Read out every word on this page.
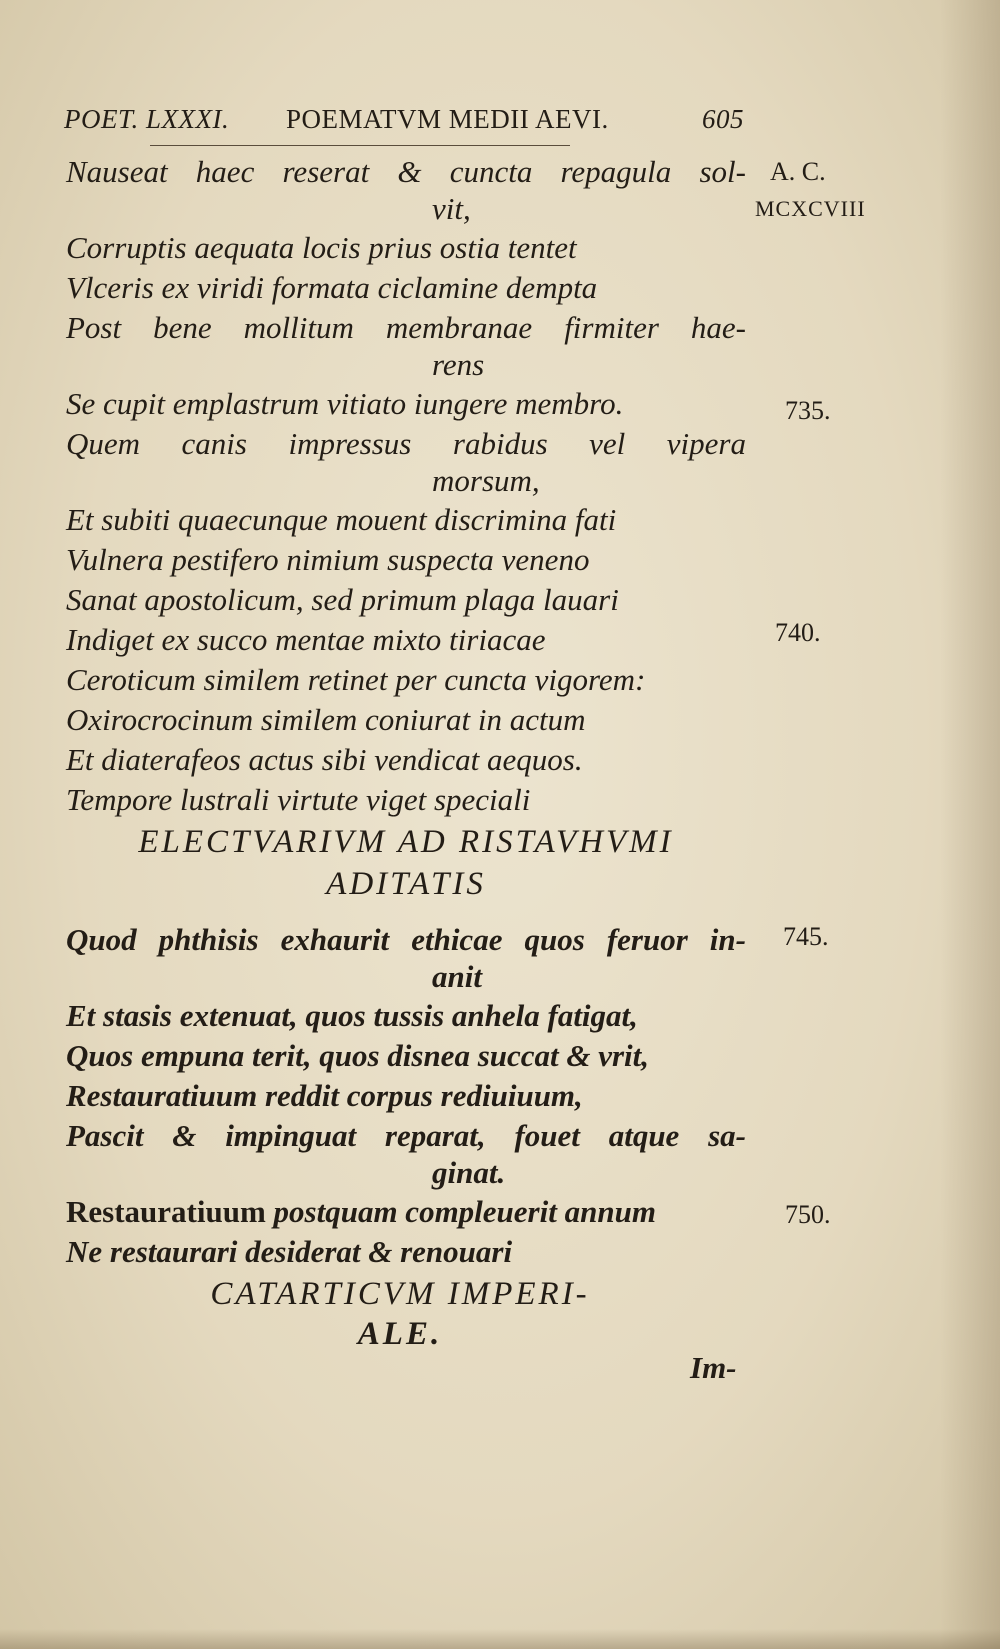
POET. LXXXI. POEMATVM MEDII AEVI.	605
A. C.
MCXCVIII
735.
740.
745.
750.
Nauseat haec reserat & cuncta repagula sol-
vit,
Corruptis aequata locis prius ostia tentet
Vlceris ex viridi formata ciclamine dempta
Post bene mollitum membranae firmiter hae-
rens
Se cupit emplastrum vitiato iungere membro.
Quem canis impressus rabidus vel vipera
morsum,
Et subiti quaecunque mouent discrimina fati
Vulnera pestifero nimium suspecta veneno
Sanat apostolicum, sed primum plaga lauari
Indiget ex succo mentae mixto tiriacae
Ceroticum similem retinet per cuncta vigorem:
Oxirocrocinum similem coniurat in actum
Et diaterafeos actus sibi vendicat aequos.
Tempore lustrali virtute viget speciali
ELECTVARIVM AD RISTAVHVMI
ADITATIS
Quod phthisis exhaurit ethicae quos feruor in-
anit
Et stasis extenuat, quos tussis anhela fatigat,
Quos empuna terit, quos disnea succat & vrit,
Restauratiuum reddit corpus rediuiuum,
Pascit & impinguat reparat, fouet atque sa-
ginat.
Restauratiuum postquam compleuerit annum
Ne restaurari desiderat & renouari
CATARTICVM IMPERI-
ALE.
Im-
